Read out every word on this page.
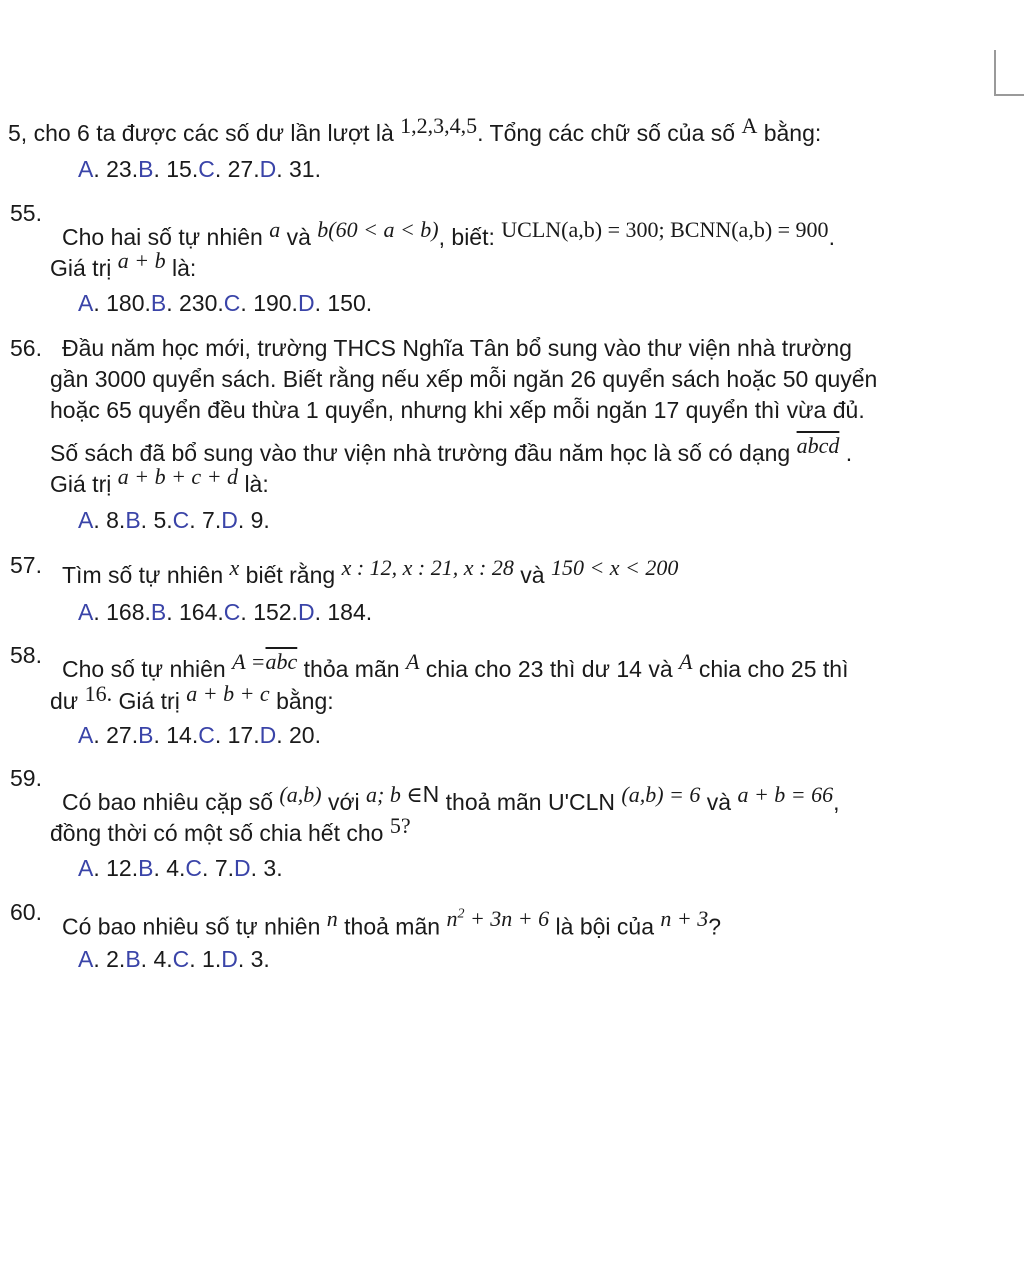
5, cho 6 ta được các số dư lần lượt là 1,2,3,4,5. Tổng các chữ số của số A bằng:
A. 23.B. 15.C. 27.D. 31.
55.
Cho hai số tự nhiên a và b(60 < a < b), biết: UCLN(a,b) = 300; BCNN(a,b) = 900.
Giá trị a + b là:
A. 180.B. 230.C. 190.D. 150.
56. Đầu năm học mới, trường THCS Nghĩa Tân bổ sung vào thư viện nhà trường
gần 3000 quyển sách. Biết rằng nếu xếp mỗi ngăn 26 quyển sách hoặc 50 quyển
hoặc 65 quyển đều thừa 1 quyển, nhưng khi xếp mỗi ngăn 17 quyển thì vừa đủ.
Số sách đã bổ sung vào thư viện nhà trường đầu năm học là số có dạng abcd .
Giá trị a + b + c + d là:
A. 8.B. 5.C. 7.D. 9.
57. Tìm số tự nhiên x biết rằng x : 12, x : 21, x : 28 và 150 < x < 200
A. 168.B. 164.C. 152.D. 184.
58.
Cho số tự nhiên $A =\overline{abc}$ thỏa mãn A chia cho 23 thì dư 14 và A chia cho 25 thì
dư 16. Giá trị a + b + c bằng:
A. 27.B. 14.C. 17.D. 20.
59.
Có bao nhiêu cặp số (a,b) với a; b ∈N thoả mãn U'CLN (a,b) = 6 và a + b = 66,
đồng thời có một số chia hết cho 5?
A. 12.B. 4.C. 7.D. 3.
60.
Có bao nhiêu số tự nhiên n thoả mãn $n^2 + 3n + 6$ là bội của n + 3?
A. 2.B. 4.C. 1.D. 3.
